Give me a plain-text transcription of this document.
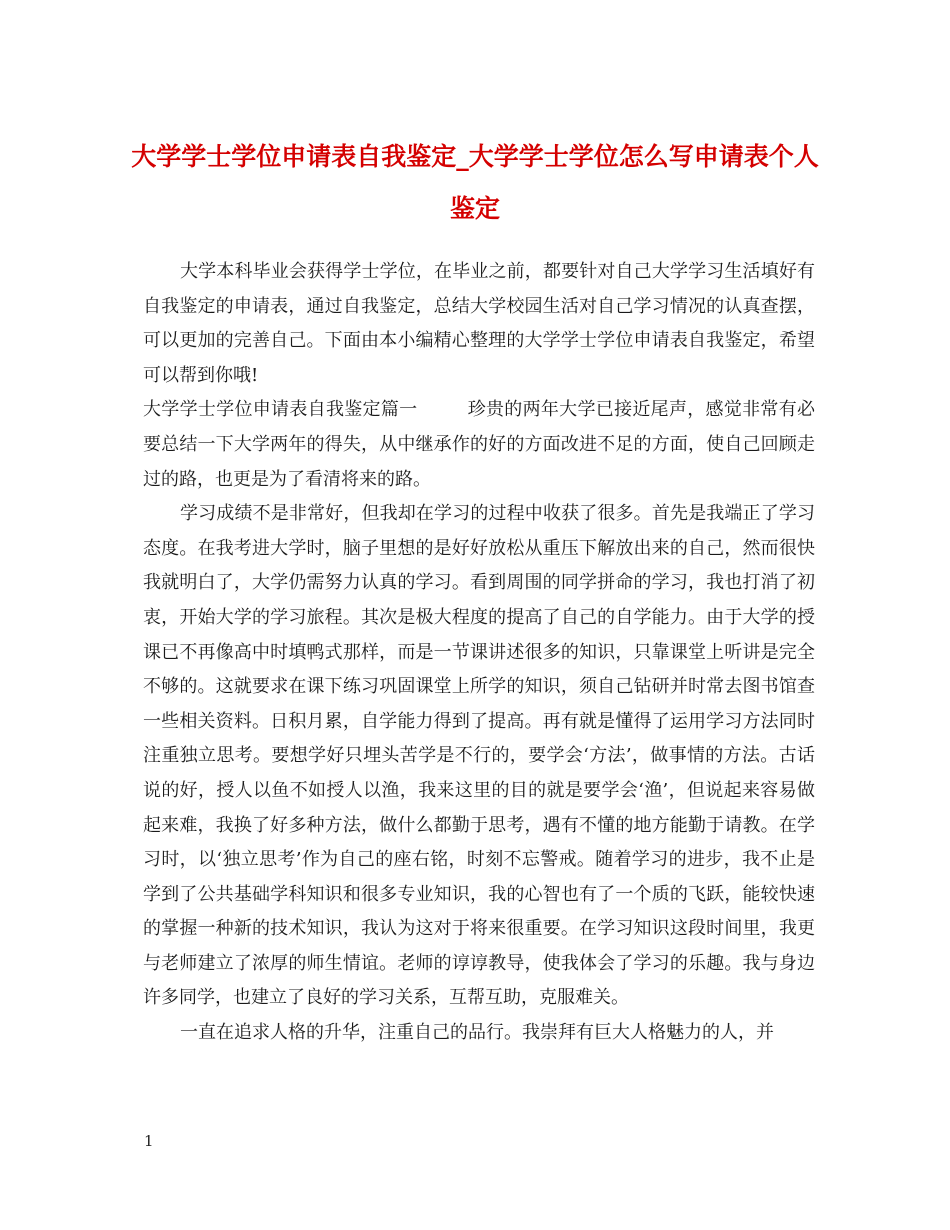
大学学士学位申请表自我鉴定_大学学士学位怎么写申请表个人鉴定

大学本科毕业会获得学士学位，在毕业之前，都要针对自己大学学习生活填好有自我鉴定的申请表，通过自我鉴定，总结大学校园生活对自己学习情况的认真查摆，可以更加的完善自己。下面由本小编精心整理的大学学士学位申请表自我鉴定，希望可以帮到你哦!

大学学士学位申请表自我鉴定篇一	珍贵的两年大学已接近尾声，感觉非常有必要总结一下大学两年的得失，从中继承作的好的方面改进不足的方面，使自己回顾走过的路，也更是为了看清将来的路。

学习成绩不是非常好，但我却在学习的过程中收获了很多。首先是我端正了学习态度。在我考进大学时，脑子里想的是好好放松从重压下解放出来的自己，然而很快我就明白了，大学仍需努力认真的学习。看到周围的同学拼命的学习，我也打消了初衷，开始大学的学习旅程。其次是极大程度的提高了自己的自学能力。由于大学的授课已不再像高中时填鸭式那样，而是一节课讲述很多的知识，只靠课堂上听讲是完全不够的。这就要求在课下练习巩固课堂上所学的知识，须自己钻研并时常去图书馆查一些相关资料。日积月累，自学能力得到了提高。再有就是懂得了运用学习方法同时注重独立思考。要想学好只埋头苦学是不行的，要学会‘方法’，做事情的方法。古话说的好，授人以鱼不如授人以渔，我来这里的目的就是要学会‘渔’，但说起来容易做起来难，我换了好多种方法，做什么都勤于思考，遇有不懂的地方能勤于请教。在学习时，以‘独立思考’作为自己的座右铭，时刻不忘警戒。随着学习的进步，我不止是学到了公共基础学科知识和很多专业知识，我的心智也有了一个质的飞跃，能较快速的掌握一种新的技术知识，我认为这对于将来很重要。在学习知识这段时间里，我更与老师建立了浓厚的师生情谊。老师的谆谆教导，使我体会了学习的乐趣。我与身边许多同学，也建立了良好的学习关系，互帮互助，克服难关。

一直在追求人格的升华，注重自己的品行。我崇拜有巨大人格魅力的人，并

1
